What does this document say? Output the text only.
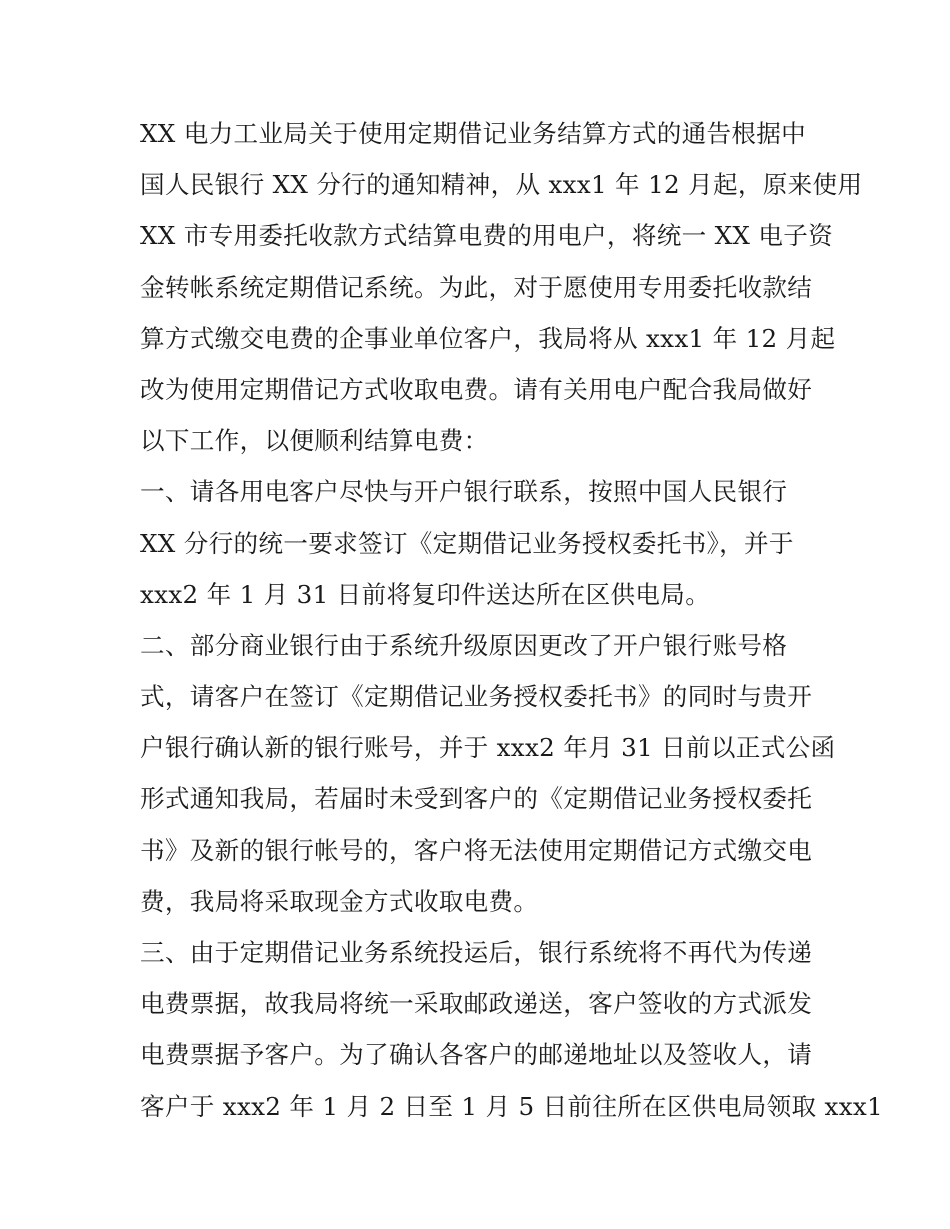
XX 电力工业局关于使用定期借记业务结算方式的通告根据中
国人民银行 XX 分行的通知精神，从 xxx1 年 12 月起，原来使用
XX 市专用委托收款方式结算电费的用电户，将统一 XX 电子资
金转帐系统定期借记系统。为此，对于愿使用专用委托收款结
算方式缴交电费的企事业单位客户，我局将从 xxx1 年 12 月起
改为使用定期借记方式收取电费。请有关用电户配合我局做好
以下工作，以便顺利结算电费：
一、请各用电客户尽快与开户银行联系，按照中国人民银行
XX 分行的统一要求签订《定期借记业务授权委托书》，并于
xxx2 年 1 月 31 日前将复印件送达所在区供电局。
二、部分商业银行由于系统升级原因更改了开户银行账号格
式，请客户在签订《定期借记业务授权委托书》的同时与贵开
户银行确认新的银行账号，并于 xxx2 年月 31 日前以正式公函
形式通知我局，若届时未受到客户的《定期借记业务授权委托
书》及新的银行帐号的，客户将无法使用定期借记方式缴交电
费，我局将采取现金方式收取电费。
三、由于定期借记业务系统投运后，银行系统将不再代为传递
电费票据，故我局将统一采取邮政递送，客户签收的方式派发
电费票据予客户。为了确认各客户的邮递地址以及签收人，请
客户于 xxx2 年 1 月 2 日至 1 月 5 日前往所在区供电局领取 xxx1
